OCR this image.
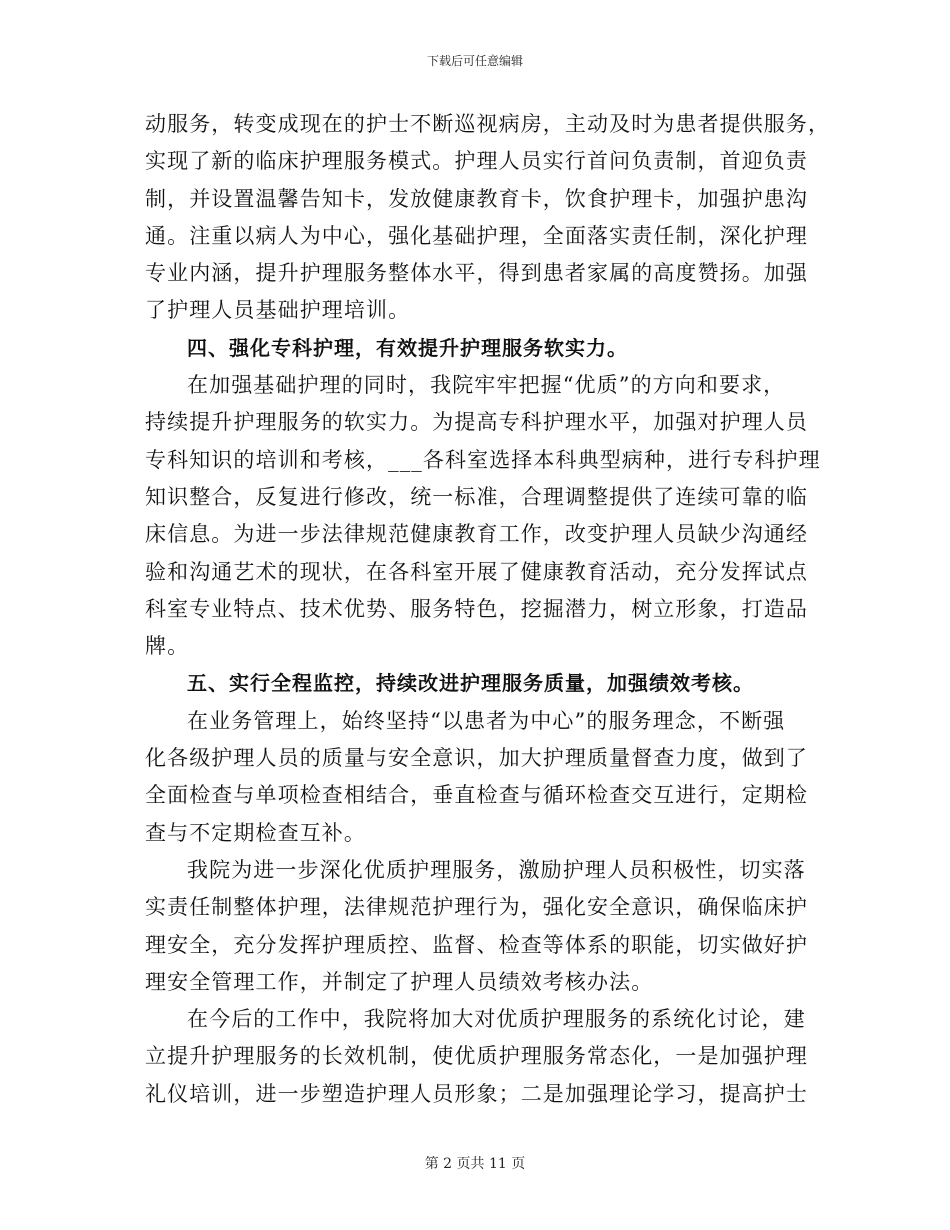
下载后可任意编辑
动服务，转变成现在的护士不断巡视病房，主动及时为患者提供服务，
实现了新的临床护理服务模式。护理人员实行首问负责制，首迎负责
制，并设置温馨告知卡，发放健康教育卡，饮食护理卡，加强护患沟
通。注重以病人为中心，强化基础护理，全面落实责任制，深化护理
专业内涵，提升护理服务整体水平，得到患者家属的高度赞扬。加强
了护理人员基础护理培训。
四、强化专科护理，有效提升护理服务软实力。
在加强基础护理的同时，我院牢牢把握“优质”的方向和要求，
持续提升护理服务的软实力。为提高专科护理水平，加强对护理人员
专科知识的培训和考核，___各科室选择本科典型病种，进行专科护理
知识整合，反复进行修改，统一标准，合理调整提供了连续可靠的临
床信息。为进一步法律规范健康教育工作，改变护理人员缺少沟通经
验和沟通艺术的现状，在各科室开展了健康教育活动，充分发挥试点
科室专业特点、技术优势、服务特色，挖掘潜力，树立形象，打造品
牌。
五、实行全程监控，持续改进护理服务质量，加强绩效考核。
在业务管理上，始终坚持“以患者为中心”的服务理念，不断强
化各级护理人员的质量与安全意识，加大护理质量督查力度，做到了
全面检查与单项检查相结合，垂直检查与循环检查交互进行，定期检
查与不定期检查互补。
我院为进一步深化优质护理服务，激励护理人员积极性，切实落
实责任制整体护理，法律规范护理行为，强化安全意识，确保临床护
理安全，充分发挥护理质控、监督、检查等体系的职能，切实做好护
理安全管理工作，并制定了护理人员绩效考核办法。
在今后的工作中，我院将加大对优质护理服务的系统化讨论，建
立提升护理服务的长效机制，使优质护理服务常态化，一是加强护理
礼仪培训，进一步塑造护理人员形象；二是加强理论学习，提高护士
第 2 页共 11 页
